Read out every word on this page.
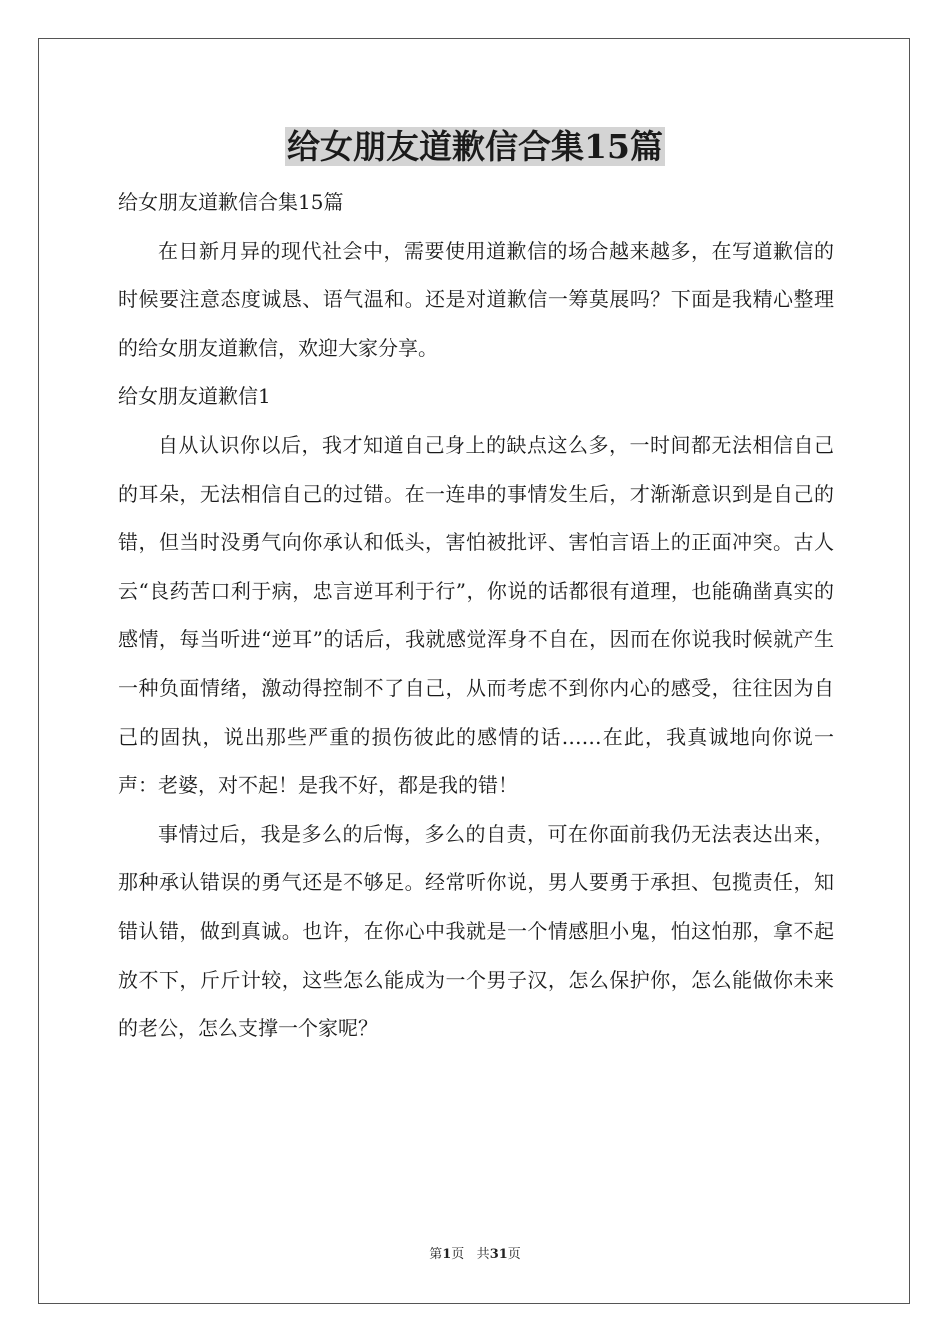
给女朋友道歉信合集15篇

给女朋友道歉信合集15篇

在日新月异的现代社会中，需要使用道歉信的场合越来越多，在写道歉信的时候要注意态度诚恳、语气温和。还是对道歉信一筹莫展吗？下面是我精心整理的给女朋友道歉信，欢迎大家分享。

给女朋友道歉信1

自从认识你以后，我才知道自己身上的缺点这么多，一时间都无法相信自己的耳朵，无法相信自己的过错。在一连串的事情发生后，才渐渐意识到是自己的错，但当时没勇气向你承认和低头，害怕被批评、害怕言语上的正面冲突。古人云“良药苦口利于病，忠言逆耳利于行”，你说的话都很有道理，也能确凿真实的感情，每当听进“逆耳”的话后，我就感觉浑身不自在，因而在你说我时候就产生一种负面情绪，激动得控制不了自己，从而考虑不到你内心的感受，往往因为自己的固执，说出那些严重的损伤彼此的感情的话……在此，我真诚地向你说一声：老婆，对不起！是我不好，都是我的错！

事情过后，我是多么的后悔，多么的自责，可在你面前我仍无法表达出来，那种承认错误的勇气还是不够足。经常听你说，男人要勇于承担、包揽责任，知错认错，做到真诚。也许，在你心中我就是一个情感胆小鬼，怕这怕那，拿不起放不下，斤斤计较，这些怎么能成为一个男子汉，怎么保护你，怎么能做你未来的老公，怎么支撑一个家呢？

第1页 共31页
